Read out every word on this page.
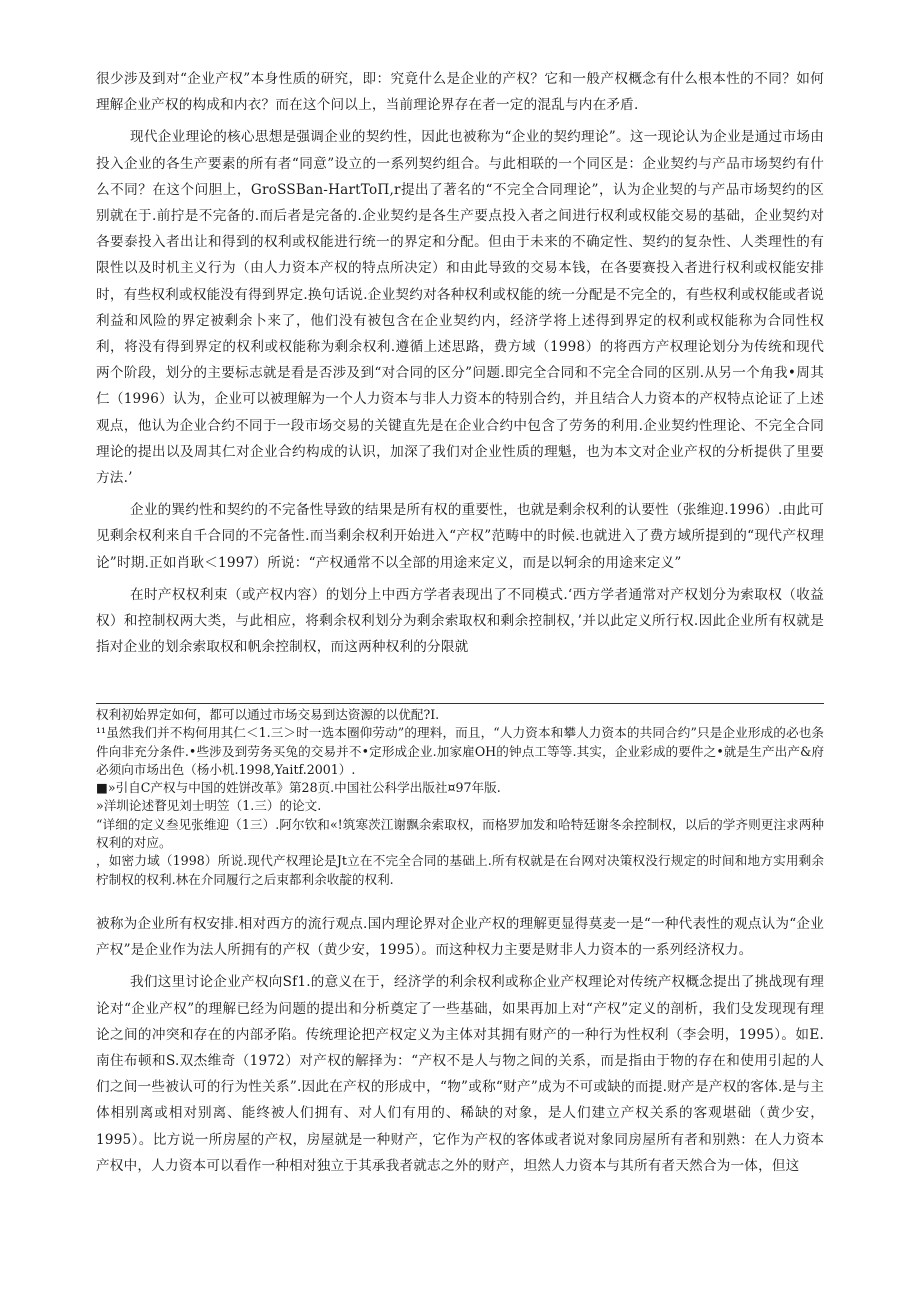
很少涉及到对“企业产权”本身性质的研究，即：究竟什么是企业的产权？它和一般产权概念有什么根本性的不同？如何理解企业产权的构成和内衣？而在这个问以上，当前理论界存在者一定的混乱与内在矛盾.

现代企业理论的核心思想是强调企业的契约性，因此也被称为“企业的契约理论”。这一现论认为企业是通过市场由投入企业的各生产要素的所有者“同意”设立的一系列契约组合。与此相联的一个同区是：企业契约与产品市场契约有什么不同？在这个问胆上，GroSSBan-HartToΠ,r提出了著名的“不完全合同理论”，认为企业契的与产品市场契约的区别就在于.前拧是不完备的.而后者是完备的.企业契约是各生产要点投入者之间进行权利或权能交易的基础，企业契约对各要泰投入者出让和得到的权利或权能进行统一的界定和分配。但由于未来的不确定性、契约的复杂性、人类理性的有限性以及时机主义行为（由人力资本产权的特点所决定）和由此导致的交易本钱，在各要赛投入者进行权利或权能安排时，有些权利或权能没有得到界定.换句话说.企业契约对各种权利或权能的统一分配是不完全的，有些权利或权能或者说利益和风险的界定被剩余卜来了，他们没有被包含在企业契约内，经济学将上述得到界定的权利或权能称为合同性权利，将没有得到界定的权利或权能称为剩余权利.遵循上述思路，费方域（1998）的将西方产权理论划分为传统和现代两个阶段，划分的主要标志就是看是否涉及到“对合同的区分”问题.即完全合同和不完全合同的区别.从另一个角我•周其仁（1996）认为，企业可以被理解为一个人力资本与非人力资本的特别合约，并且结合人力资本的产权特点论证了上述观点，他认为企业合约不同于一段市场交易的关键直先是在企业合约中包含了劳务的利用.企业契约性理论、不完全合同理论的提出以及周其仁对企业合约构成的认识，加深了我们对企业性质的理魁，也为本文对企业产权的分析提供了里要方法.’

企业的巽约性和契约的不完备性导致的结果是所有权的重要性，也就是剩余权利的认要性（张维迎.1996）.由此可见剩余权利来自千合同的不完备性.而当剩余权利开始进入“产权”范畴中的时候.也就进入了费方域所提到的“现代产权理论”时期.正如肖耿＜1997）所说：“产权通常不以全部的用途来定义，而是以轲余的用途来定义”

在时产权权利束（或产权内容）的划分上中西方学者表现出了不同模式.‘西方学者通常对产权划分为索取权（收益权）和控制权两大类，与此相应，将剩余权利划分为剩余索取权和剩余控制权，’并以此定义所行权.因此企业所有权就是指对企业的划余索取权和帆余控制权，而这两种权利的分限就

权利初始界定如何，都可以通过市场交易到达资源的以优配?I.

¹¹虽然我们并不构何用其仁＜1.三＞时一选本圈仰劳动”的理料，而且，“人力资本和攀人力资本的共同合约”只是企业形成的必也条件向非充分条件.•些涉及到劳务买兔的交易并不•定形成企业.加家雇OH的钟点工等等.其实，企业彩成的要件之•就是生产出产&府必须向市场出色（杨小机.1998,Yaitf.2001）.

■»引自C产权与中国的姓饼改革》第28页.中国社公科学出版社¤97年版.

»洋圳论述瞀见刘士明笠（1.三）的论文.

“详细的定义叁见张维迎（1三）.阿尔钦和«!筑寒茨江谢飘余索取权，而格罗加发和哈特廷谢冬余控制权，以后的学齐则更注求两种权利的对应。

，如密力域（1998）所说.现代产权理论是Jt立在不完全合同的基础上.所有权就是在台网对决策权没行规定的时间和地方实用剩余柠制权的权利.林在介同履行之后束都利余收靛的权利.

被称为企业所有权安排.相对西方的流行观点.国内理论界对企业产权的理解更显得莫麦一是“一种代表性的观点认为“企业产权”是企业作为法人所拥有的产权（黄少安，1995）。而这种权力主要是财非人力资本的一系列经济权力。

我们这里讨论企业产权向Sf1.的意义在于，经济学的利余权利或称企业产权理论对传统产权概念提出了挑战现有理论对“企业产权”的理解已经为问题的提出和分析奠定了一些基础，如果再加上对“产权”定义的剖析，我们殳发现现有理论之间的冲突和存在的内部矛陷。传统理论把产权定义为主体对其拥有财产的一种行为性权利（李会明，1995）。如E.南住布顿和S.双杰维奇（1972）对产权的解择为：“产权不是人与物之间的关系，而是指由于物的存在和使用引起的人们之间一些被认可的行为性关系”.因此在产权的形成中，“物”或称“财产”成为不可或缺的而提.财产是产权的客体.是与主体相别离或相对别离、能终被人们拥有、对人们有用的、稀缺的对象，是人们建立产权关系的客观堪础（黄少安，1995）。比方说一所房屋的产权，房屋就是一种财产，它作为产权的客体或者说对象同房屋所有者和别熟：在人力资本产权中，人力资本可以看作一种相对独立于其承我者就志之外的财产，坦然人力资本与其所有者天然合为一体，但这
